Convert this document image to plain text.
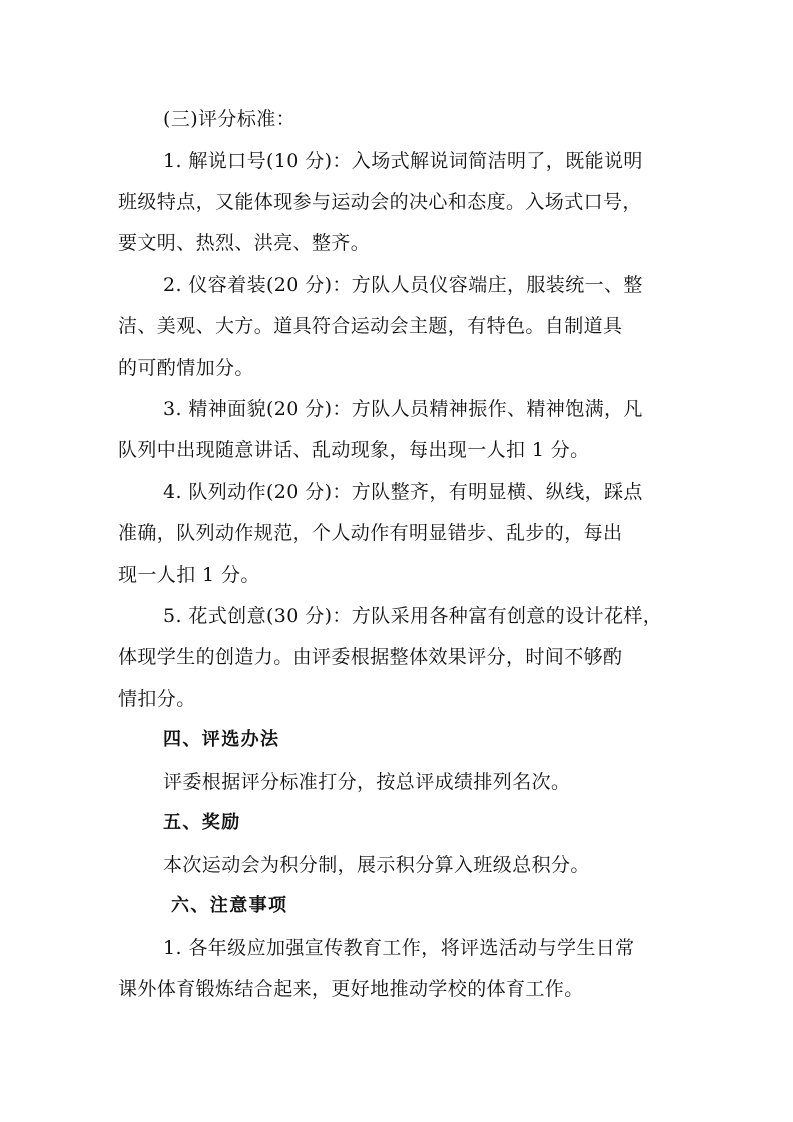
(三)评分标准：
1. 解说口号(10 分)：入场式解说词简洁明了，既能说明
班级特点，又能体现参与运动会的决心和态度。入场式口号，
要文明、热烈、洪亮、整齐。
2. 仪容着装(20 分)：方队人员仪容端庄，服装统一、整
洁、美观、大方。道具符合运动会主题，有特色。自制道具
的可酌情加分。
3. 精神面貌(20 分)：方队人员精神振作、精神饱满，凡
队列中出现随意讲话、乱动现象，每出现一人扣 1 分。
4. 队列动作(20 分)：方队整齐，有明显横、纵线，踩点
准确，队列动作规范，个人动作有明显错步、乱步的，每出
现一人扣 1 分。
5. 花式创意(30 分)：方队采用各种富有创意的设计花样，
体现学生的创造力。由评委根据整体效果评分，时间不够酌
情扣分。
四、评选办法
评委根据评分标准打分，按总评成绩排列名次。
五、奖励
本次运动会为积分制，展示积分算入班级总积分。
六、注意事项
1. 各年级应加强宣传教育工作，将评选活动与学生日常
课外体育锻炼结合起来，更好地推动学校的体育工作。
